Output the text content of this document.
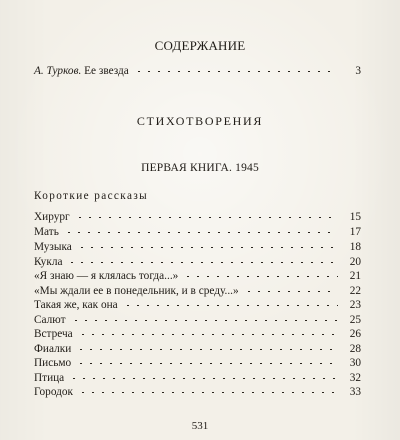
СОДЕРЖАНИЕ
А. Турков. Ее звезда	3
СТИХОТВОРЕНИЯ
ПЕРВАЯ КНИГА. 1945
Короткие рассказы
Хирург	15
Мать	17
Музыка	18
Кукла	20
«Я знаю — я клялась тогда...»	21
«Мы ждали ее в понедельник, и в среду...»	22
Такая же, как она	23
Салют	25
Встреча	26
Фиалки	28
Письмо	30
Птица	32
Городок	33
531
